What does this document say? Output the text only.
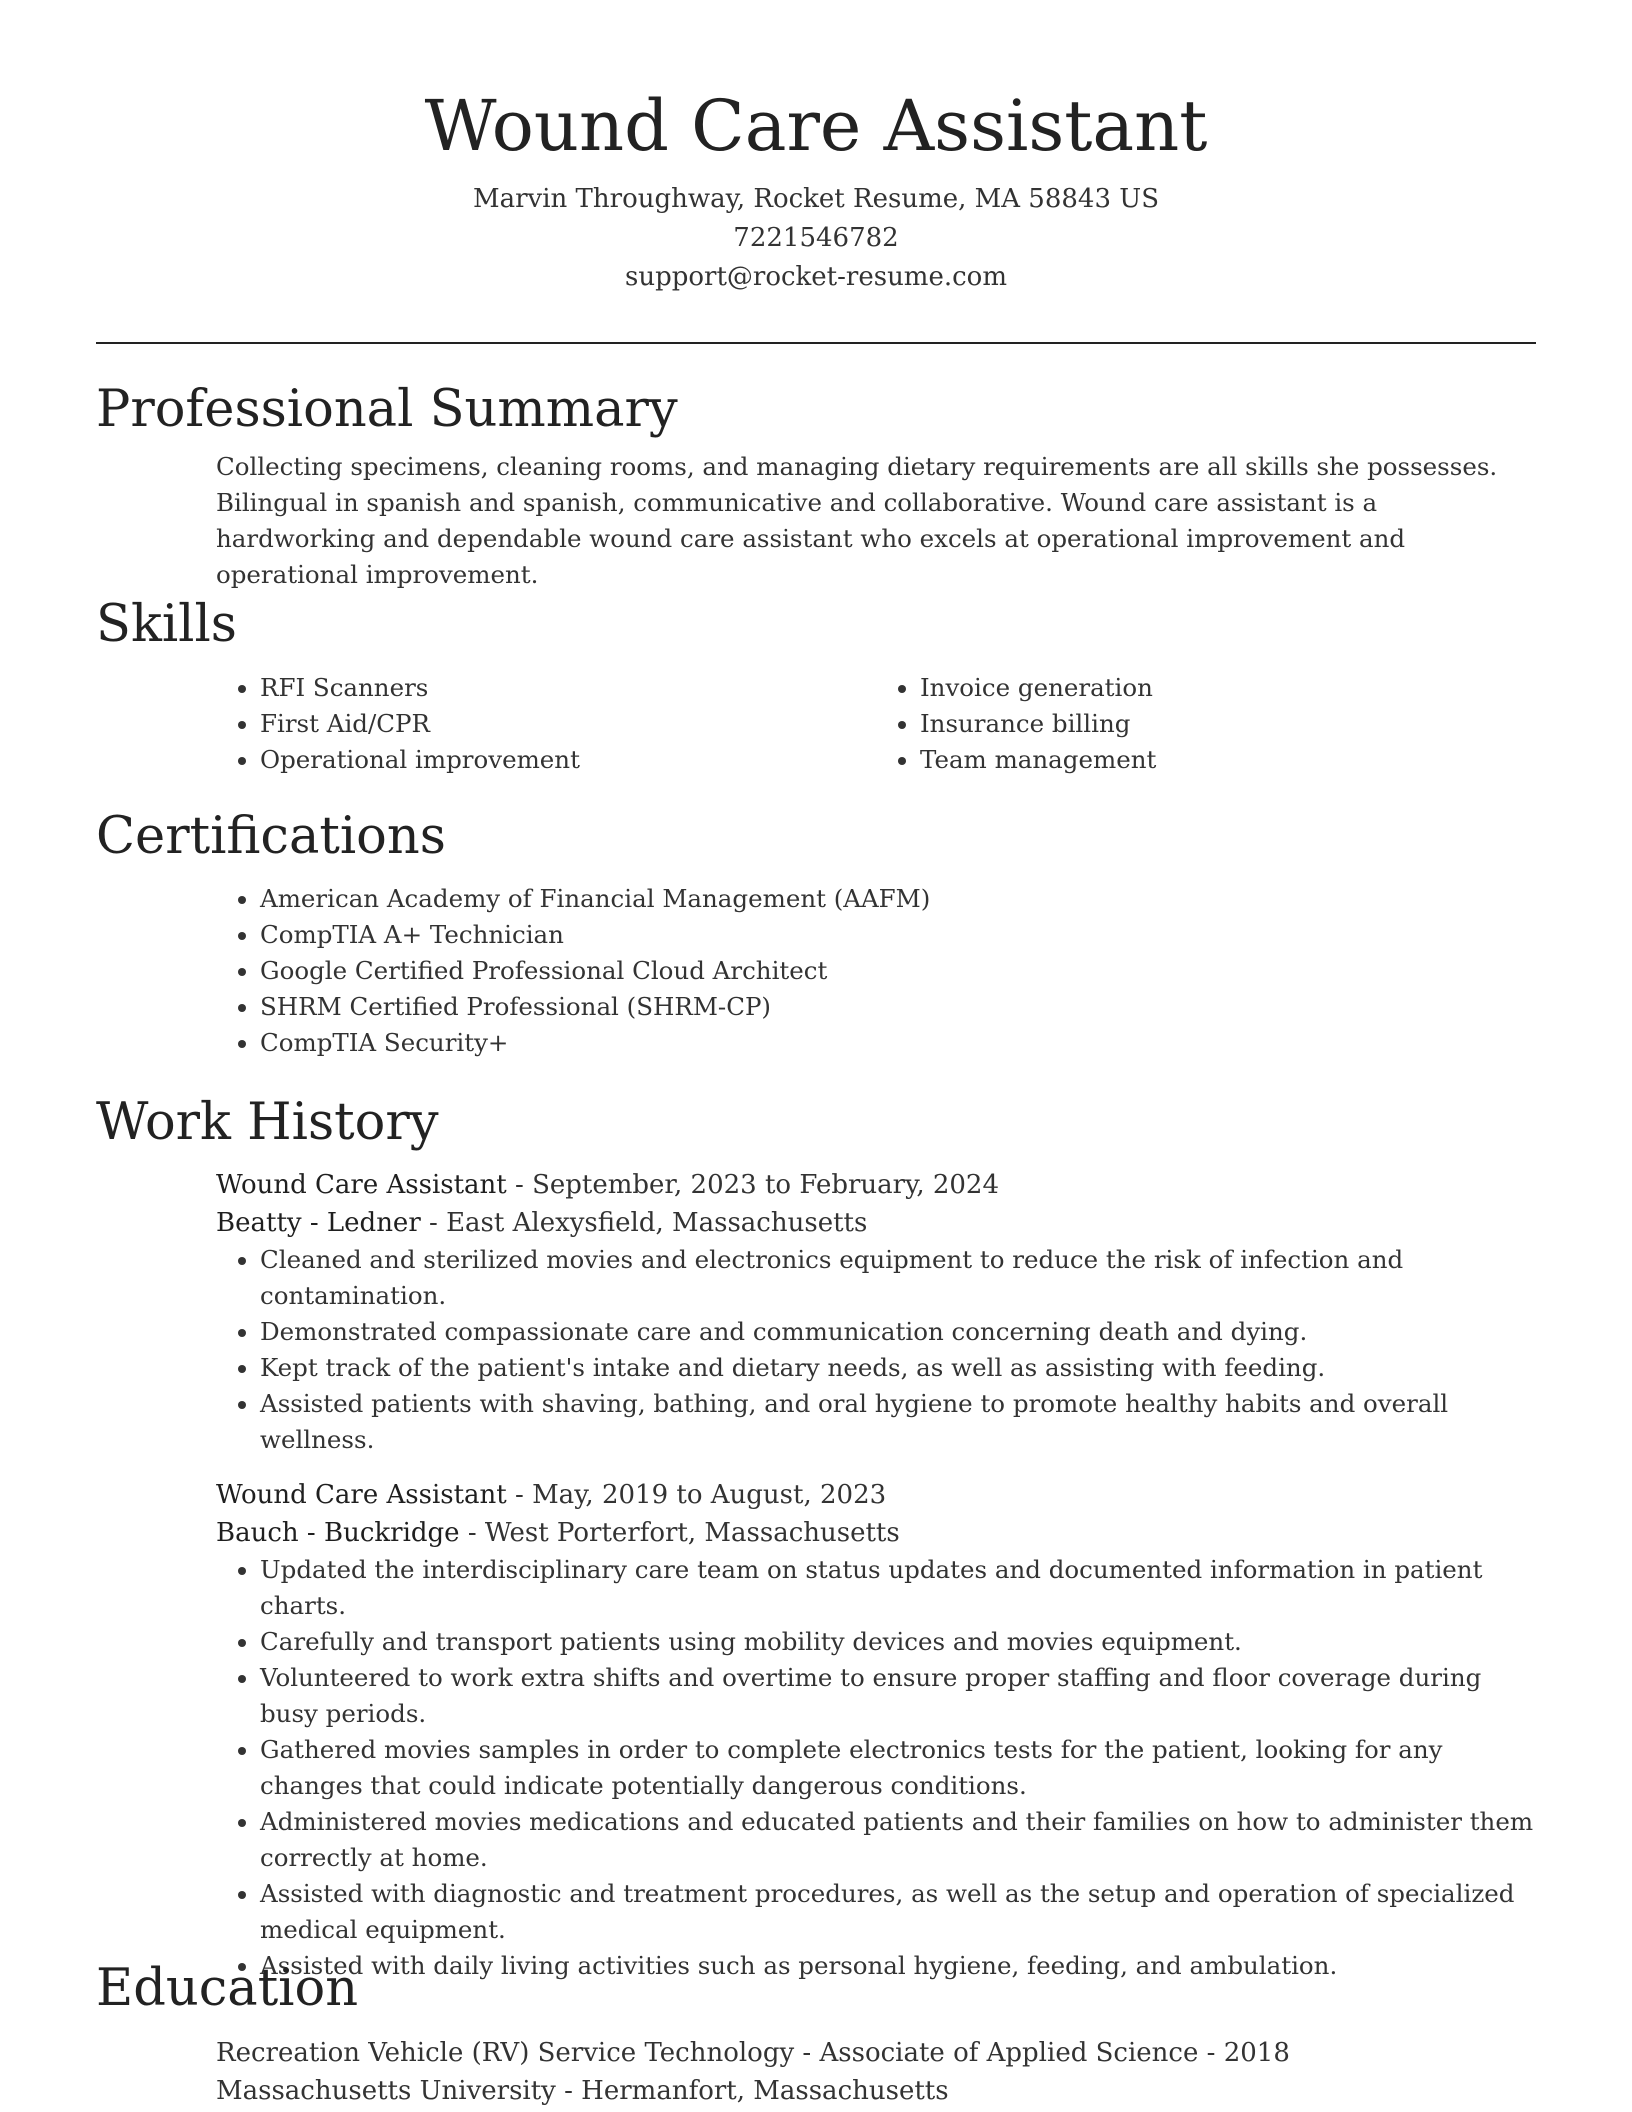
Wound Care Assistant
Marvin Throughway, Rocket Resume, MA 58843 US
7221546782
support@rocket-resume.com
Professional Summary

Collecting specimens, cleaning rooms, and managing dietary requirements are all skills she possesses. Bilingual in spanish and spanish, communicative and collaborative. Wound care assistant is a hardworking and dependable wound care assistant who excels at operational improvement and operational improvement.

Skills
• RFI Scanners
• First Aid/CPR
• Operational improvement
• Invoice generation
• Insurance billing
• Team management
Certifications
• American Academy of Financial Management (AAFM)
• CompTIA A+ Technician
• Google Certified Professional Cloud Architect
• SHRM Certified Professional (SHRM-CP)
• CompTIA Security+
Work History
Wound Care Assistant - September, 2023 to February, 2024
Beatty - Ledner - East Alexysfield, Massachusetts
• Cleaned and sterilized movies and electronics equipment to reduce the risk of infection and contamination.
• Demonstrated compassionate care and communication concerning death and dying.
• Kept track of the patient's intake and dietary needs, as well as assisting with feeding.
• Assisted patients with shaving, bathing, and oral hygiene to promote healthy habits and overall wellness.
Wound Care Assistant - May, 2019 to August, 2023
Bauch - Buckridge - West Porterfort, Massachusetts
• Updated the interdisciplinary care team on status updates and documented information in patient charts.
• Carefully and transport patients using mobility devices and movies equipment.
• Volunteered to work extra shifts and overtime to ensure proper staffing and floor coverage during busy periods.
• Gathered movies samples in order to complete electronics tests for the patient, looking for any changes that could indicate potentially dangerous conditions.
• Administered movies medications and educated patients and their families on how to administer them correctly at home.
• Assisted with diagnostic and treatment procedures, as well as the setup and operation of specialized medical equipment.
• Assisted with daily living activities such as personal hygiene, feeding, and ambulation.
Education
Recreation Vehicle (RV) Service Technology - Associate of Applied Science - 2018
Massachusetts University - Hermanfort, Massachusetts
